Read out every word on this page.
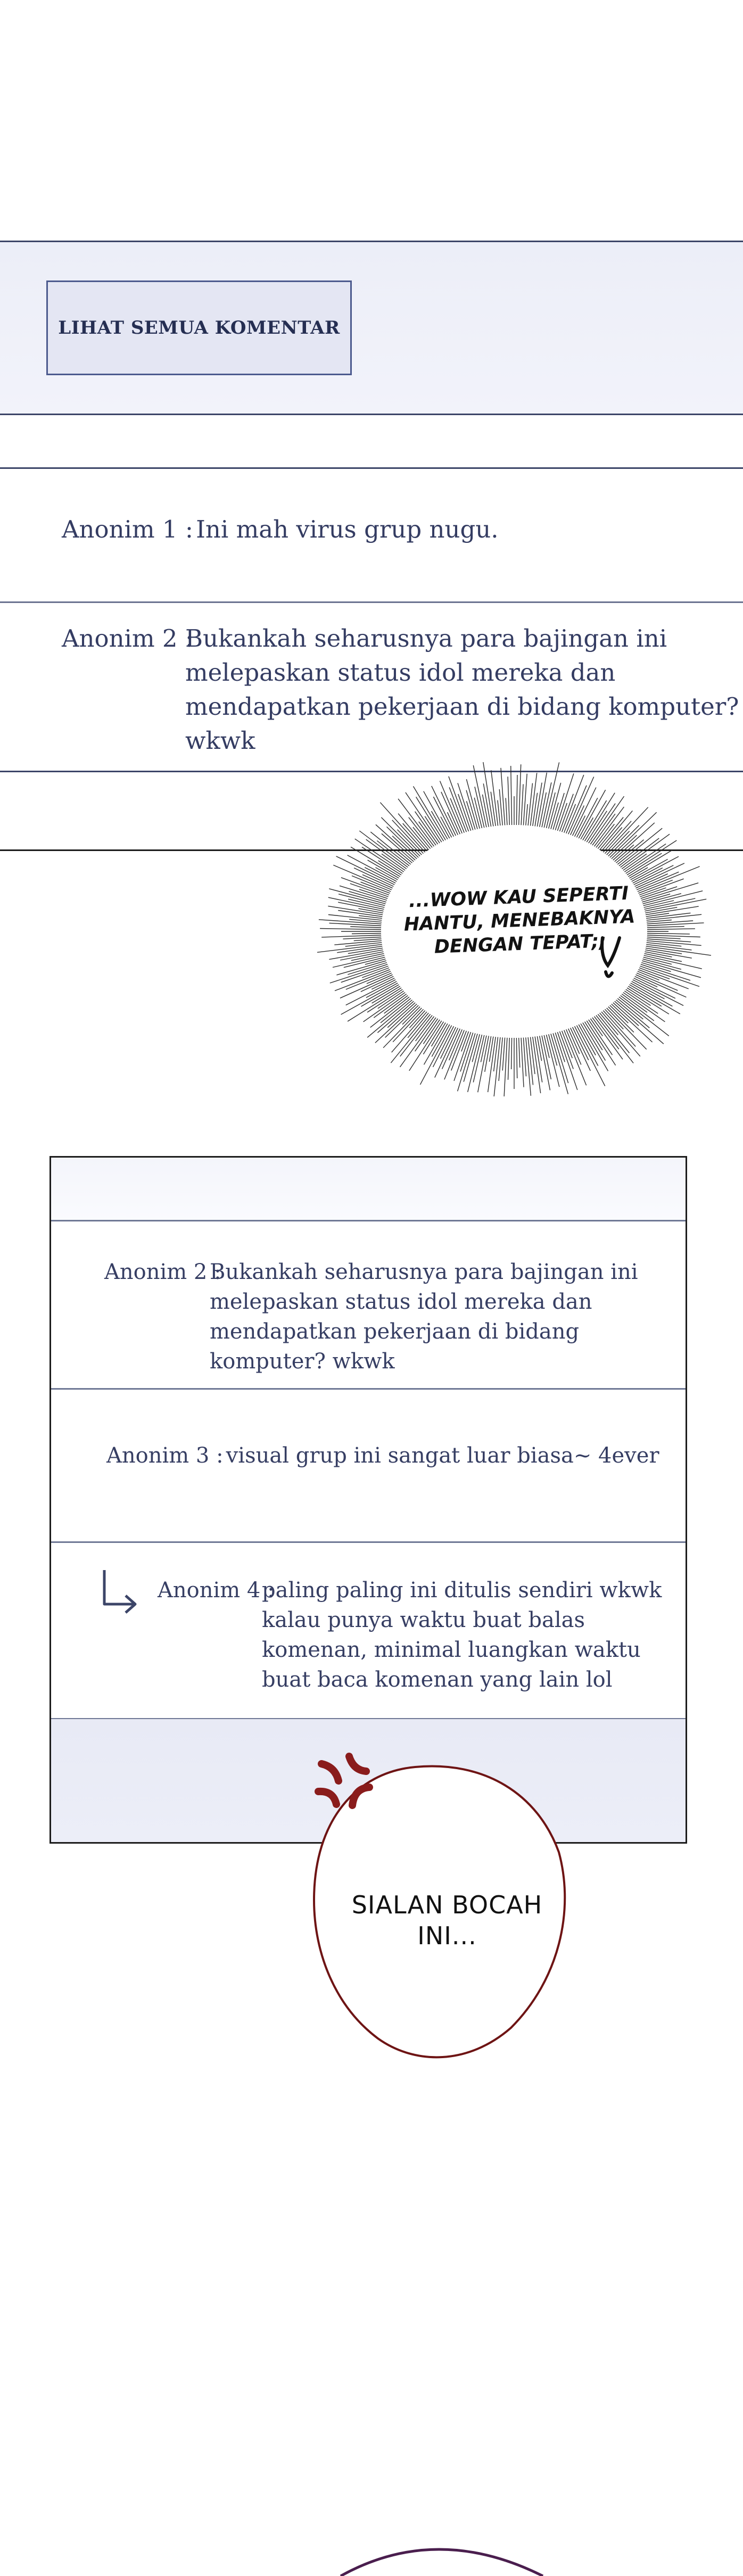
LIHAT SEMUA KOMENTAR
Anonim 1 : Ini mah virus grup nugu.
Anonim 2 :
Bukankah seharusnya para bajingan ini melepaskan status idol mereka dan mendapatkan pekerjaan di bidang komputer? wkwk
...WOW KAU SEPERTI HANTU, MENEBAKNYA DENGAN TEPAT;;
Anonim 2 :
Bukankah seharusnya para bajingan ini melepaskan status idol mereka dan mendapatkan pekerjaan di bidang komputer? wkwk
Anonim 3 : visual grup ini sangat luar biasa~ 4ever
Anonim 4 :
paling paling ini ditulis sendiri wkwk kalau punya waktu buat balas komenan, minimal luangkan waktu buat baca komenan yang lain lol
SIALAN BOCAH INI...
